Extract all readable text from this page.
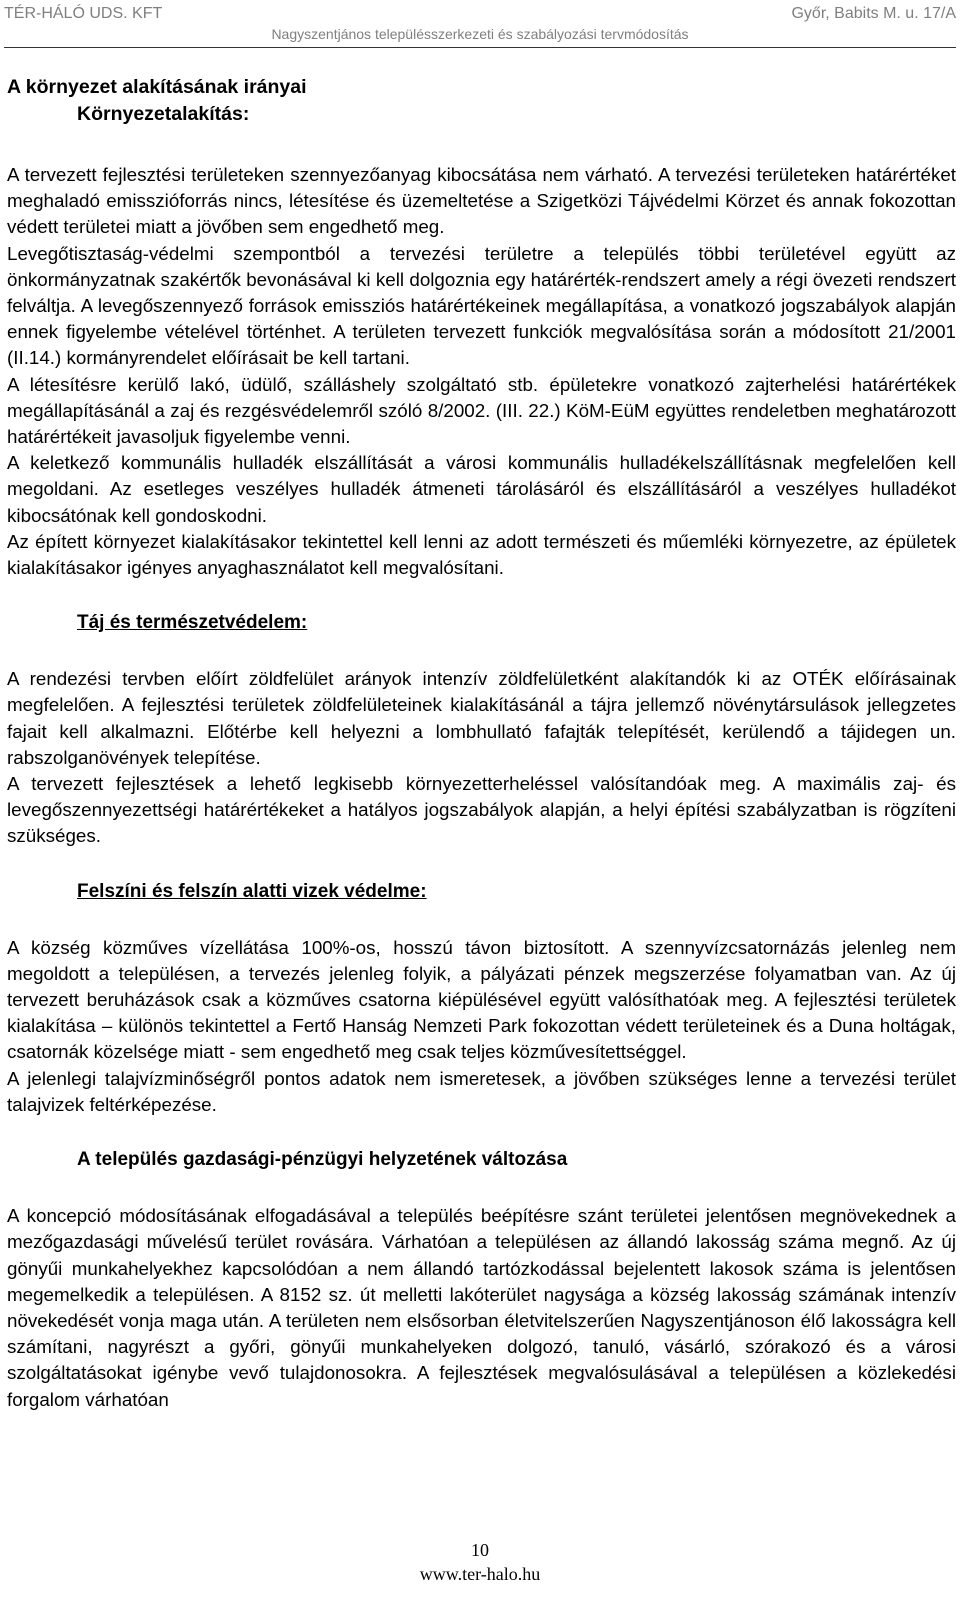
TÉR-HÁLÓ UDS. KFT	Győr, Babits M. u. 17/A
Nagyszentjános településszerkezeti és szabályozási tervmódosítás
A környezet alakításának irányai
Környezetalakítás:

A tervezett fejlesztési területeken szennyezőanyag kibocsátása nem várható. A tervezési területeken határértéket meghaladó emisszióforrás nincs, létesítése és üzemeltetése a Szigetközi Tájvédelmi Körzet és annak fokozottan védett területei miatt a jövőben sem engedhető meg.

Levegőtisztaság-védelmi szempontból a tervezési területre a település többi területével együtt az önkormányzatnak szakértők bevonásával ki kell dolgoznia egy határérték-rendszert amely a régi övezeti rendszert felváltja. A levegőszennyező források emissziós határértékeinek megállapítása, a vonatkozó jogszabályok alapján ennek figyelembe vételével történhet. A területen tervezett funkciók megvalósítása során a módosított 21/2001 (II.14.) kormányrendelet előírásait be kell tartani.

A létesítésre kerülő lakó, üdülő, szálláshely szolgáltató stb. épületekre vonatkozó zajterhelési határértékek megállapításánál a zaj és rezgésvédelemről szóló 8/2002. (III. 22.) KöM-EüM együttes rendeletben meghatározott határértékeit javasoljuk figyelembe venni.

A keletkező kommunális hulladék elszállítását a városi kommunális hulladékelszállításnak megfelelően kell megoldani. Az esetleges veszélyes hulladék átmeneti tárolásáról és elszállításáról a veszélyes hulladékot kibocsátónak kell gondoskodni.

Az épített környezet kialakításakor tekintettel kell lenni az adott természeti és műemléki környezetre, az épületek kialakításakor igényes anyaghasználatot kell megvalósítani.

Táj és természetvédelem:

A rendezési tervben előírt zöldfelület arányok intenzív zöldfelületként alakítandók ki az OTÉK előírásainak megfelelően. A fejlesztési területek zöldfelületeinek kialakításánál a tájra jellemző növénytársulások jellegzetes fajait kell alkalmazni. Előtérbe kell helyezni a lombhullató fafajták telepítését, kerülendő a tájidegen un. rabszolganövények telepítése.

A tervezett fejlesztések a lehető legkisebb környezetterheléssel valósítandóak meg. A maximális zaj- és levegőszennyezettségi határértékeket a hatályos jogszabályok alapján, a helyi építési szabályzatban is rögzíteni szükséges.

Felszíni és felszín alatti vizek védelme:

A község közműves vízellátása 100%-os, hosszú távon biztosított. A szennyvízcsatornázás jelenleg nem megoldott a településen, a tervezés jelenleg folyik, a pályázati pénzek megszerzése folyamatban van. Az új tervezett beruházások csak a közműves csatorna kiépülésével együtt valósíthatóak meg. A fejlesztési területek kialakítása – különös tekintettel a Fertő Hanság Nemzeti Park fokozottan védett területeinek és a Duna holtágak, csatornák közelsége miatt - sem engedhető meg csak teljes közművesítettséggel.

A jelenlegi talajvízminőségről pontos adatok nem ismeretesek, a jövőben szükséges lenne a tervezési terület talajvizek feltérképezése.

A település gazdasági-pénzügyi helyzetének változása

A koncepció módosításának elfogadásával a település beépítésre szánt területei jelentősen megnövekednek a mezőgazdasági művelésű terület rovására. Várhatóan a településen az állandó lakosság száma megnő. Az új gönyűi munkahelyekhez kapcsolódóan a nem állandó tartózkodással bejelentett lakosok száma is jelentősen megemelkedik a településen. A 8152 sz. út melletti lakóterület nagysága a község lakosság számának intenzív növekedését vonja maga után. A területen nem elsősorban életvitelszerűen Nagyszentjánoson élő lakosságra kell számítani, nagyrészt a győri, gönyűi munkahelyeken dolgozó, tanuló, vásárló, szórakozó és a városi szolgáltatásokat igénybe vevő tulajdonosokra. A fejlesztések megvalósulásával a településen a közlekedési forgalom várhatóan

10
www.ter-halo.hu
